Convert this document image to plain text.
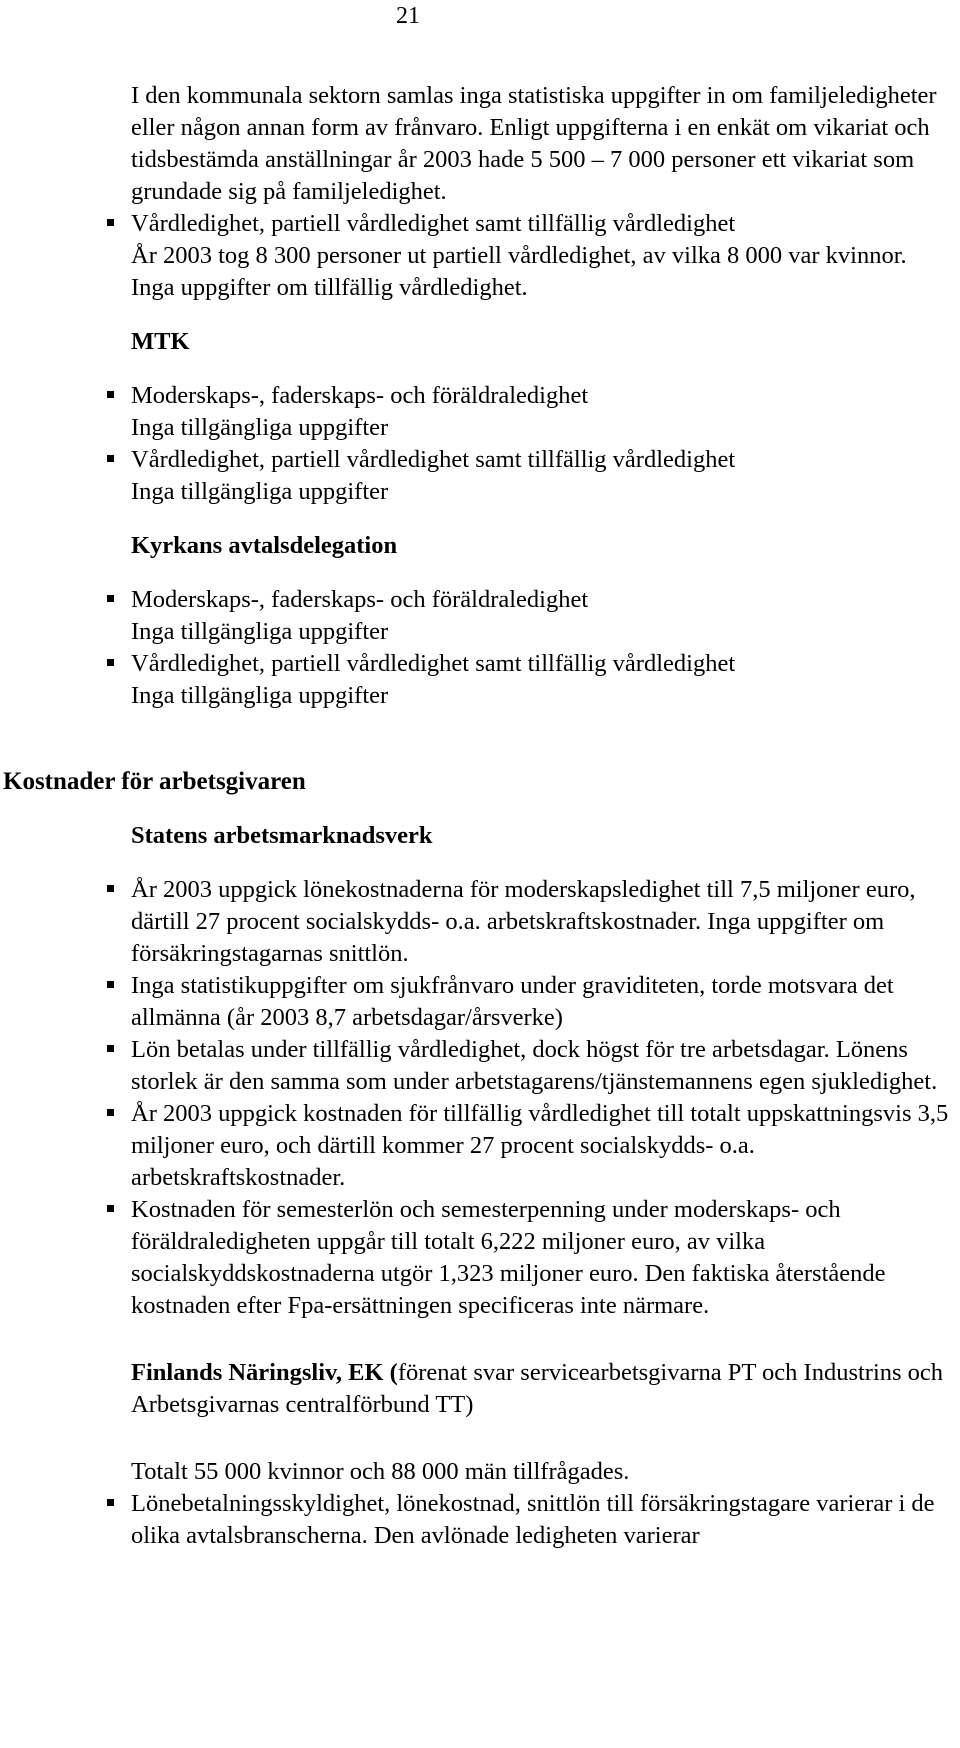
21

I den kommunala sektorn samlas inga statistiska uppgifter in om familjeledigheter eller någon annan form av frånvaro. Enligt uppgifterna i en enkät om vikariat och tidsbestämda anställningar år 2003 hade 5 500 – 7 000 personer ett vikariat som grundade sig på familjeledighet.

Vårdledighet, partiell vårdledighet samt tillfällig vårdledighet

År 2003 tog 8 300 personer ut partiell vårdledighet, av vilka 8 000 var kvinnor. Inga uppgifter om tillfällig vårdledighet.

MTK

Moderskaps-, faderskaps- och föräldraledighet

Inga tillgängliga uppgifter

Vårdledighet, partiell vårdledighet samt tillfällig vårdledighet

Inga tillgängliga uppgifter

Kyrkans avtalsdelegation

Moderskaps-, faderskaps- och föräldraledighet

Inga tillgängliga uppgifter

Vårdledighet, partiell vårdledighet samt tillfällig vårdledighet

Inga tillgängliga uppgifter

Kostnader för arbetsgivaren

Statens arbetsmarknadsverk

År 2003 uppgick lönekostnaderna för moderskapsledighet till 7,5 miljoner euro, därtill 27 procent socialskydds- o.a. arbetskraftskostnader. Inga uppgifter om försäkringstagarnas snittlön.

Inga statistikuppgifter om sjukfrånvaro under graviditeten, torde motsvara det allmänna (år 2003 8,7 arbetsdagar/årsverke)

Lön betalas under tillfällig vårdledighet, dock högst för tre arbetsdagar. Lönens storlek är den samma som under arbetstagarens/tjänstemannens egen sjukledighet.

År 2003 uppgick kostnaden för tillfällig vårdledighet till totalt uppskattningsvis 3,5 miljoner euro, och därtill kommer 27 procent socialskydds- o.a. arbetskraftskostnader.

Kostnaden för semesterlön och semesterpenning under moderskaps- och föräldraledigheten uppgår till totalt 6,222 miljoner euro, av vilka socialskyddskostnaderna utgör 1,323 miljoner euro. Den faktiska återstående kostnaden efter Fpa-ersättningen specificeras inte närmare.

Finlands Näringsliv, EK (förenat svar servicearbetsgivarna PT och Industrins och Arbetsgivarnas centralförbund TT)

Totalt 55 000 kvinnor och 88 000 män tillfrågades.

Lönebetalningsskyldighet, lönekostnad, snittlön till försäkringstagare varierar i de olika avtalsbranscherna. Den avlönade ledigheten varierar
